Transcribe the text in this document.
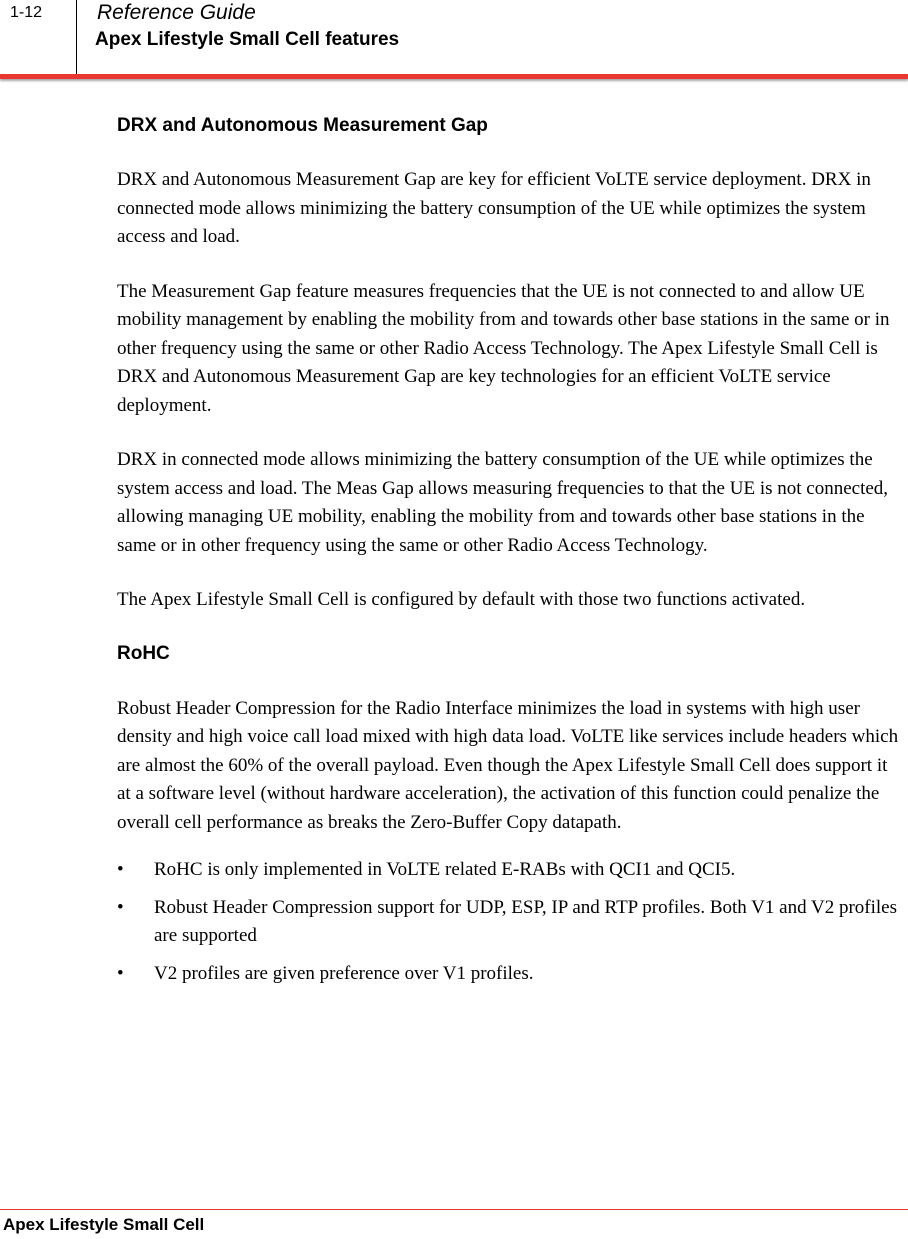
1-12	Reference Guide
Apex Lifestyle Small Cell features
DRX and Autonomous Measurement Gap

DRX and Autonomous Measurement Gap are key for efficient VoLTE service deployment. DRX in connected mode allows minimizing the battery consumption of the UE while optimizes the system access and load.

The Measurement Gap feature measures frequencies that the UE is not connected to and allow UE mobility management by enabling the mobility from and towards other base stations in the same or in other frequency using the same or other Radio Access Technology. The Apex Lifestyle Small Cell is DRX and Autonomous Measurement Gap are key technologies for an efficient VoLTE service deployment.

DRX in connected mode allows minimizing the battery consumption of the UE while optimizes the system access and load. The Meas Gap allows measuring frequencies to that the UE is not connected, allowing managing UE mobility, enabling the mobility from and towards other base stations in the same or in other frequency using the same or other Radio Access Technology.

The Apex Lifestyle Small Cell is configured by default with those two functions activated.

RoHC

Robust Header Compression for the Radio Interface minimizes the load in systems with high user density and high voice call load mixed with high data load. VoLTE like services include headers which are almost the 60% of the overall payload. Even though the Apex Lifestyle Small Cell does support it at a software level (without hardware acceleration), the activation of this function could penalize the overall cell performance as breaks the Zero-Buffer Copy datapath.

• RoHC is only implemented in VoLTE related E-RABs with QCI1 and QCI5.
• Robust Header Compression support for UDP, ESP, IP and RTP profiles. Both V1 and V2 profiles are supported
• V2 profiles are given preference over V1 profiles.
Apex Lifestyle Small Cell
